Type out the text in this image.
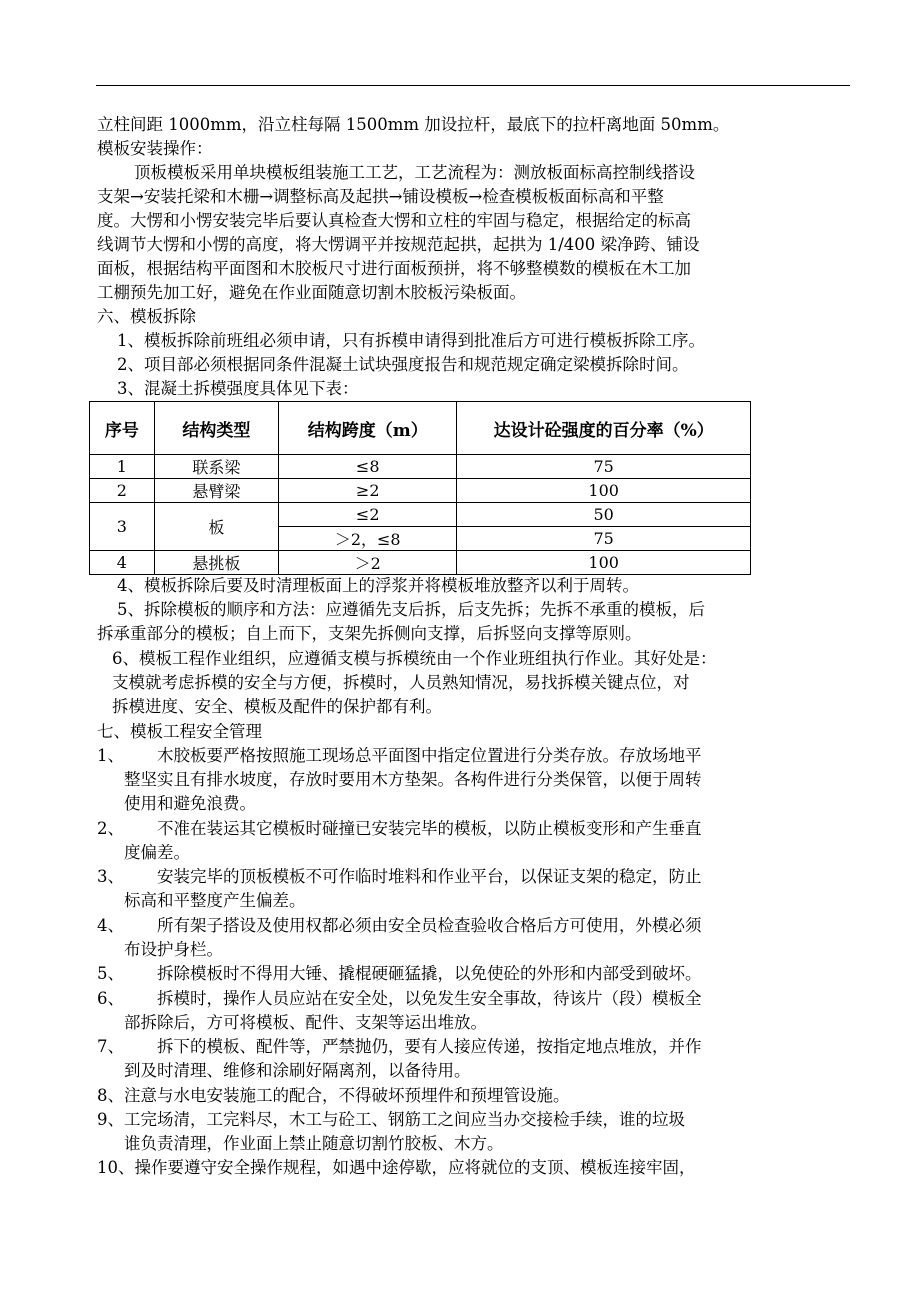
立柱间距 1000mm，沿立柱每隔 1500mm 加设拉杆，最底下的拉杆离地面 50mm。
模板安装操作：
顶板模板采用单块模板组装施工工艺，工艺流程为：测放板面标高控制线搭设
支架→安装托梁和木栅→调整标高及起拱→铺设模板→检查模板板面标高和平整
度。大愣和小愣安装完毕后要认真检查大愣和立柱的牢固与稳定，根据给定的标高
线调节大愣和小愣的高度，将大愣调平并按规范起拱，起拱为 1/400 梁净跨、铺设
面板，根据结构平面图和木胶板尺寸进行面板预拼，将不够整模数的模板在木工加
工棚预先加工好，避免在作业面随意切割木胶板污染板面。
六、模板拆除
1、模板拆除前班组必须申请，只有拆模申请得到批准后方可进行模板拆除工序。
2、项目部必须根据同条件混凝土试块强度报告和规范规定确定梁模拆除时间。
3、混凝土拆模强度具体见下表：
序号	结构类型	结构跨度（m）	达设计砼强度的百分率（%）
1	联系梁	≤8	75
2	悬臂梁	≥2	100
3	板	≤2	50
		＞2，≤8	75
4	悬挑板	＞2	100
4、模板拆除后要及时清理板面上的浮浆并将模板堆放整齐以利于周转。
5、拆除模板的顺序和方法：应遵循先支后拆，后支先拆；先拆不承重的模板，后
拆承重部分的模板；自上而下，支架先拆侧向支撑，后拆竖向支撑等原则。
6、模板工程作业组织，应遵循支模与拆模统由一个作业班组执行作业。其好处是：
支模就考虑拆模的安全与方便，拆模时，人员熟知情况，易找拆模关键点位，对
拆模进度、安全、模板及配件的保护都有利。
七、模板工程安全管理
1、 木胶板要严格按照施工现场总平面图中指定位置进行分类存放。存放场地平
整坚实且有排水坡度，存放时要用木方垫架。各构件进行分类保管，以便于周转
使用和避免浪费。
2、 不准在装运其它模板时碰撞已安装完毕的模板，以防止模板变形和产生垂直
度偏差。
3、 安装完毕的顶板模板不可作临时堆料和作业平台，以保证支架的稳定，防止
标高和平整度产生偏差。
4、 所有架子搭设及使用权都必须由安全员检查验收合格后方可使用，外模必须
布设护身栏。
5、 拆除模板时不得用大锤、撬棍硬砸猛撬，以免使砼的外形和内部受到破坏。
6、 拆模时，操作人员应站在安全处，以免发生安全事故，待该片（段）模板全
部拆除后，方可将模板、配件、支架等运出堆放。
7、 拆下的模板、配件等，严禁抛仍，要有人接应传递，按指定地点堆放，并作
到及时清理、维修和涂刷好隔离剂，以备待用。
8、注意与水电安装施工的配合，不得破坏预埋件和预埋管设施。
9、工完场清，工完料尽，木工与砼工、钢筋工之间应当办交接检手续，谁的垃圾
谁负责清理，作业面上禁止随意切割竹胶板、木方。
10、操作要遵守安全操作规程，如遇中途停歇，应将就位的支顶、模板连接牢固，
